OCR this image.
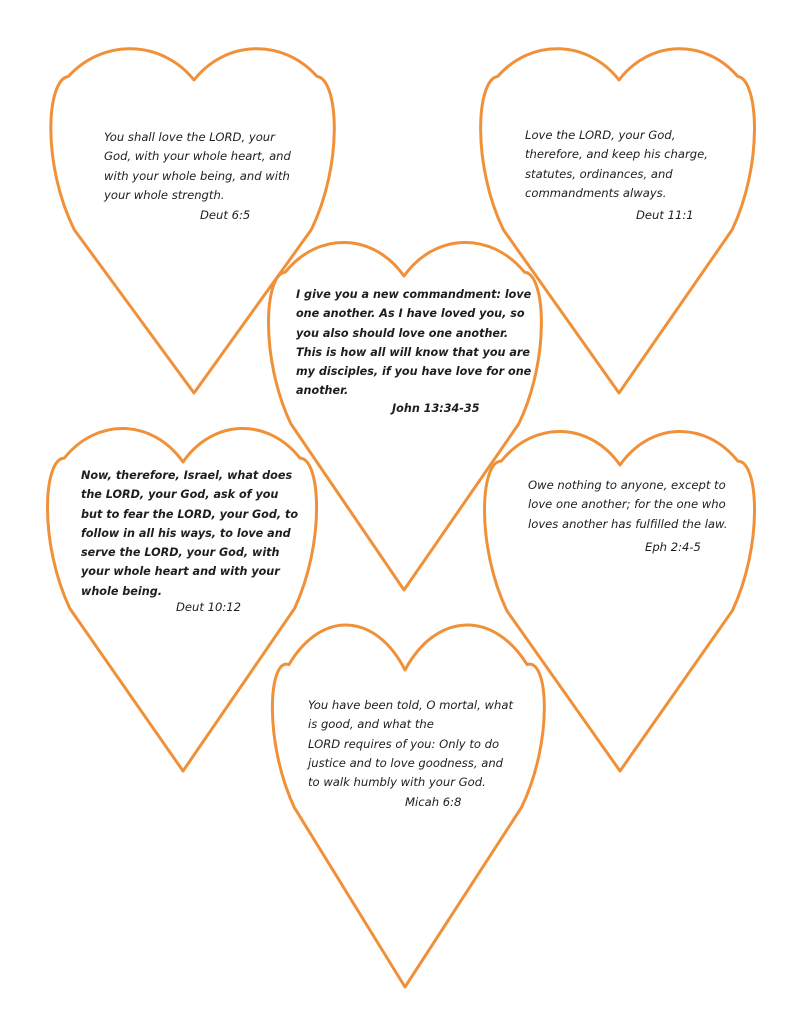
You shall love the LORD, your
God, with your whole heart, and
with your whole being, and with
your whole strength.

Deut 6:5

Love the LORD, your God,
therefore, and keep his charge,
statutes, ordinances, and
commandments always.

Deut 11:1

I give you a new commandment: love
one another. As I have loved you, so
you also should love one another.
This is how all will know that you are
my disciples, if you have love for one
another.

John 13:34-35

Now, therefore, Israel, what does
the LORD, your God, ask of you
but to fear the LORD, your God, to
follow in all his ways, to love and
serve the LORD, your God, with
your whole heart and with your
whole being.

Deut 10:12

Owe nothing to anyone, except to
love one another; for the one who
loves another has fulfilled the law.

Eph 2:4-5

You have been told, O mortal, what
is good, and what the
LORD requires of you: Only to do
justice and to love goodness, and
to walk humbly with your God.

Micah 6:8
